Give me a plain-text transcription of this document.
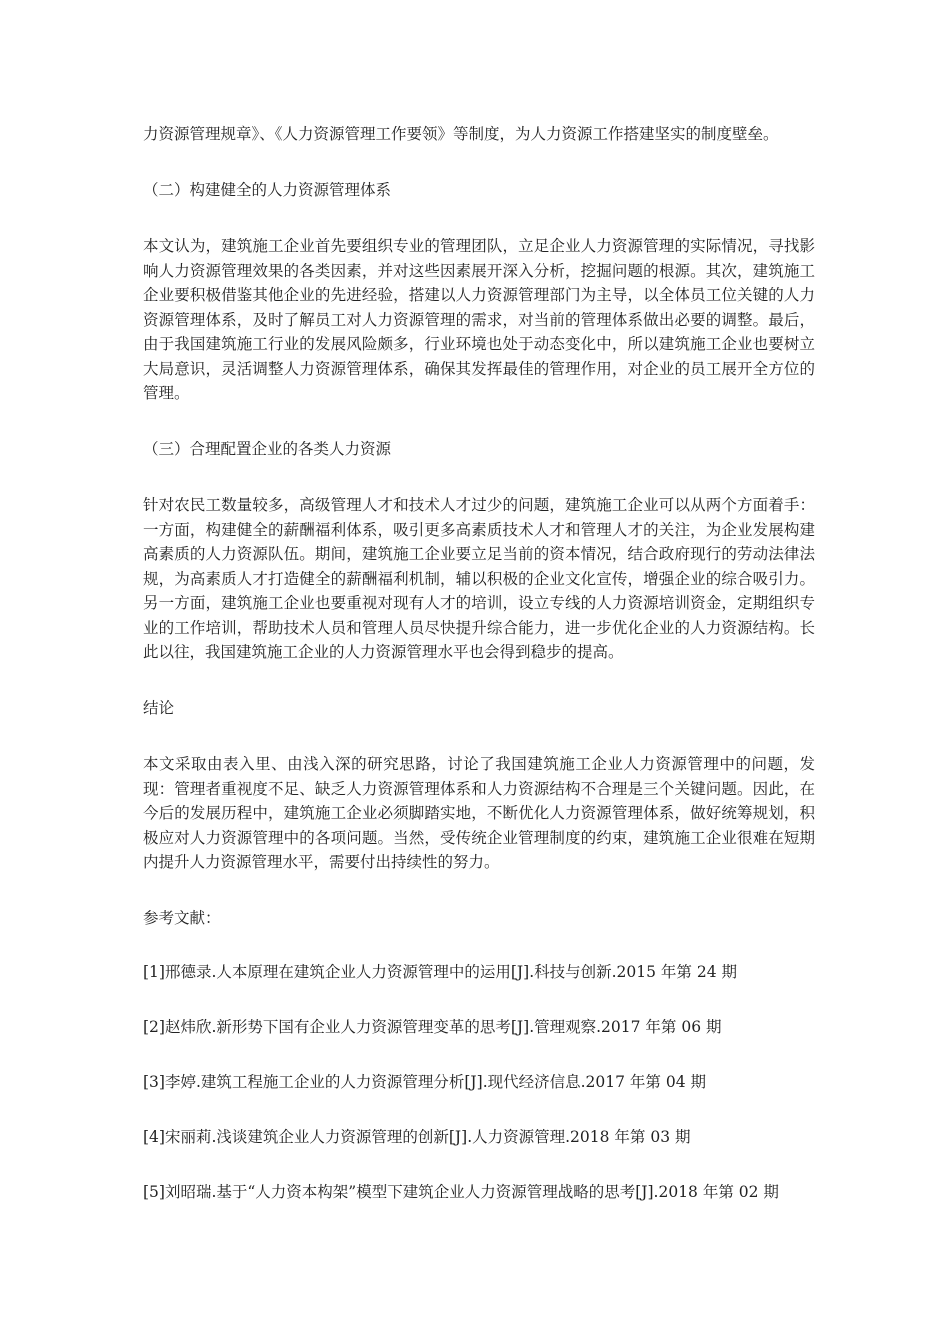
力资源管理规章》、《人力资源管理工作要领》等制度，为人力资源工作搭建坚实的制度壁垒。

（二）构建健全的人力资源管理体系

本文认为，建筑施工企业首先要组织专业的管理团队，立足企业人力资源管理的实际情况，寻找影响人力资源管理效果的各类因素，并对这些因素展开深入分析，挖掘问题的根源。其次，建筑施工企业要积极借鉴其他企业的先进经验，搭建以人力资源管理部门为主导，以全体员工位关键的人力资源管理体系，及时了解员工对人力资源管理的需求，对当前的管理体系做出必要的调整。最后，由于我国建筑施工行业的发展风险颇多，行业环境也处于动态变化中，所以建筑施工企业也要树立大局意识，灵活调整人力资源管理体系，确保其发挥最佳的管理作用，对企业的员工展开全方位的管理。

（三）合理配置企业的各类人力资源

针对农民工数量较多，高级管理人才和技术人才过少的问题，建筑施工企业可以从两个方面着手：一方面，构建健全的薪酬福利体系，吸引更多高素质技术人才和管理人才的关注，为企业发展构建高素质的人力资源队伍。期间，建筑施工企业要立足当前的资本情况，结合政府现行的劳动法律法规，为高素质人才打造健全的薪酬福利机制，辅以积极的企业文化宣传，增强企业的综合吸引力。另一方面，建筑施工企业也要重视对现有人才的培训，设立专线的人力资源培训资金，定期组织专业的工作培训，帮助技术人员和管理人员尽快提升综合能力，进一步优化企业的人力资源结构。长此以往，我国建筑施工企业的人力资源管理水平也会得到稳步的提高。

结论

本文采取由表入里、由浅入深的研究思路，讨论了我国建筑施工企业人力资源管理中的问题，发现：管理者重视度不足、缺乏人力资源管理体系和人力资源结构不合理是三个关键问题。因此，在今后的发展历程中，建筑施工企业必须脚踏实地，不断优化人力资源管理体系，做好统筹规划，积极应对人力资源管理中的各项问题。当然，受传统企业管理制度的约束，建筑施工企业很难在短期内提升人力资源管理水平，需要付出持续性的努力。

参考文献：

[1]邢德录.人本原理在建筑企业人力资源管理中的运用[J].科技与创新.2015 年第 24 期

[2]赵炜欣.新形势下国有企业人力资源管理变革的思考[J].管理观察.2017 年第 06 期

[3]李婷.建筑工程施工企业的人力资源管理分析[J].现代经济信息.2017 年第 04 期

[4]宋丽莉.浅谈建筑企业人力资源管理的创新[J].人力资源管理.2018 年第 03 期

[5]刘昭瑞.基于“人力资本构架”模型下建筑企业人力资源管理战略的思考[J].2018 年第 02 期
